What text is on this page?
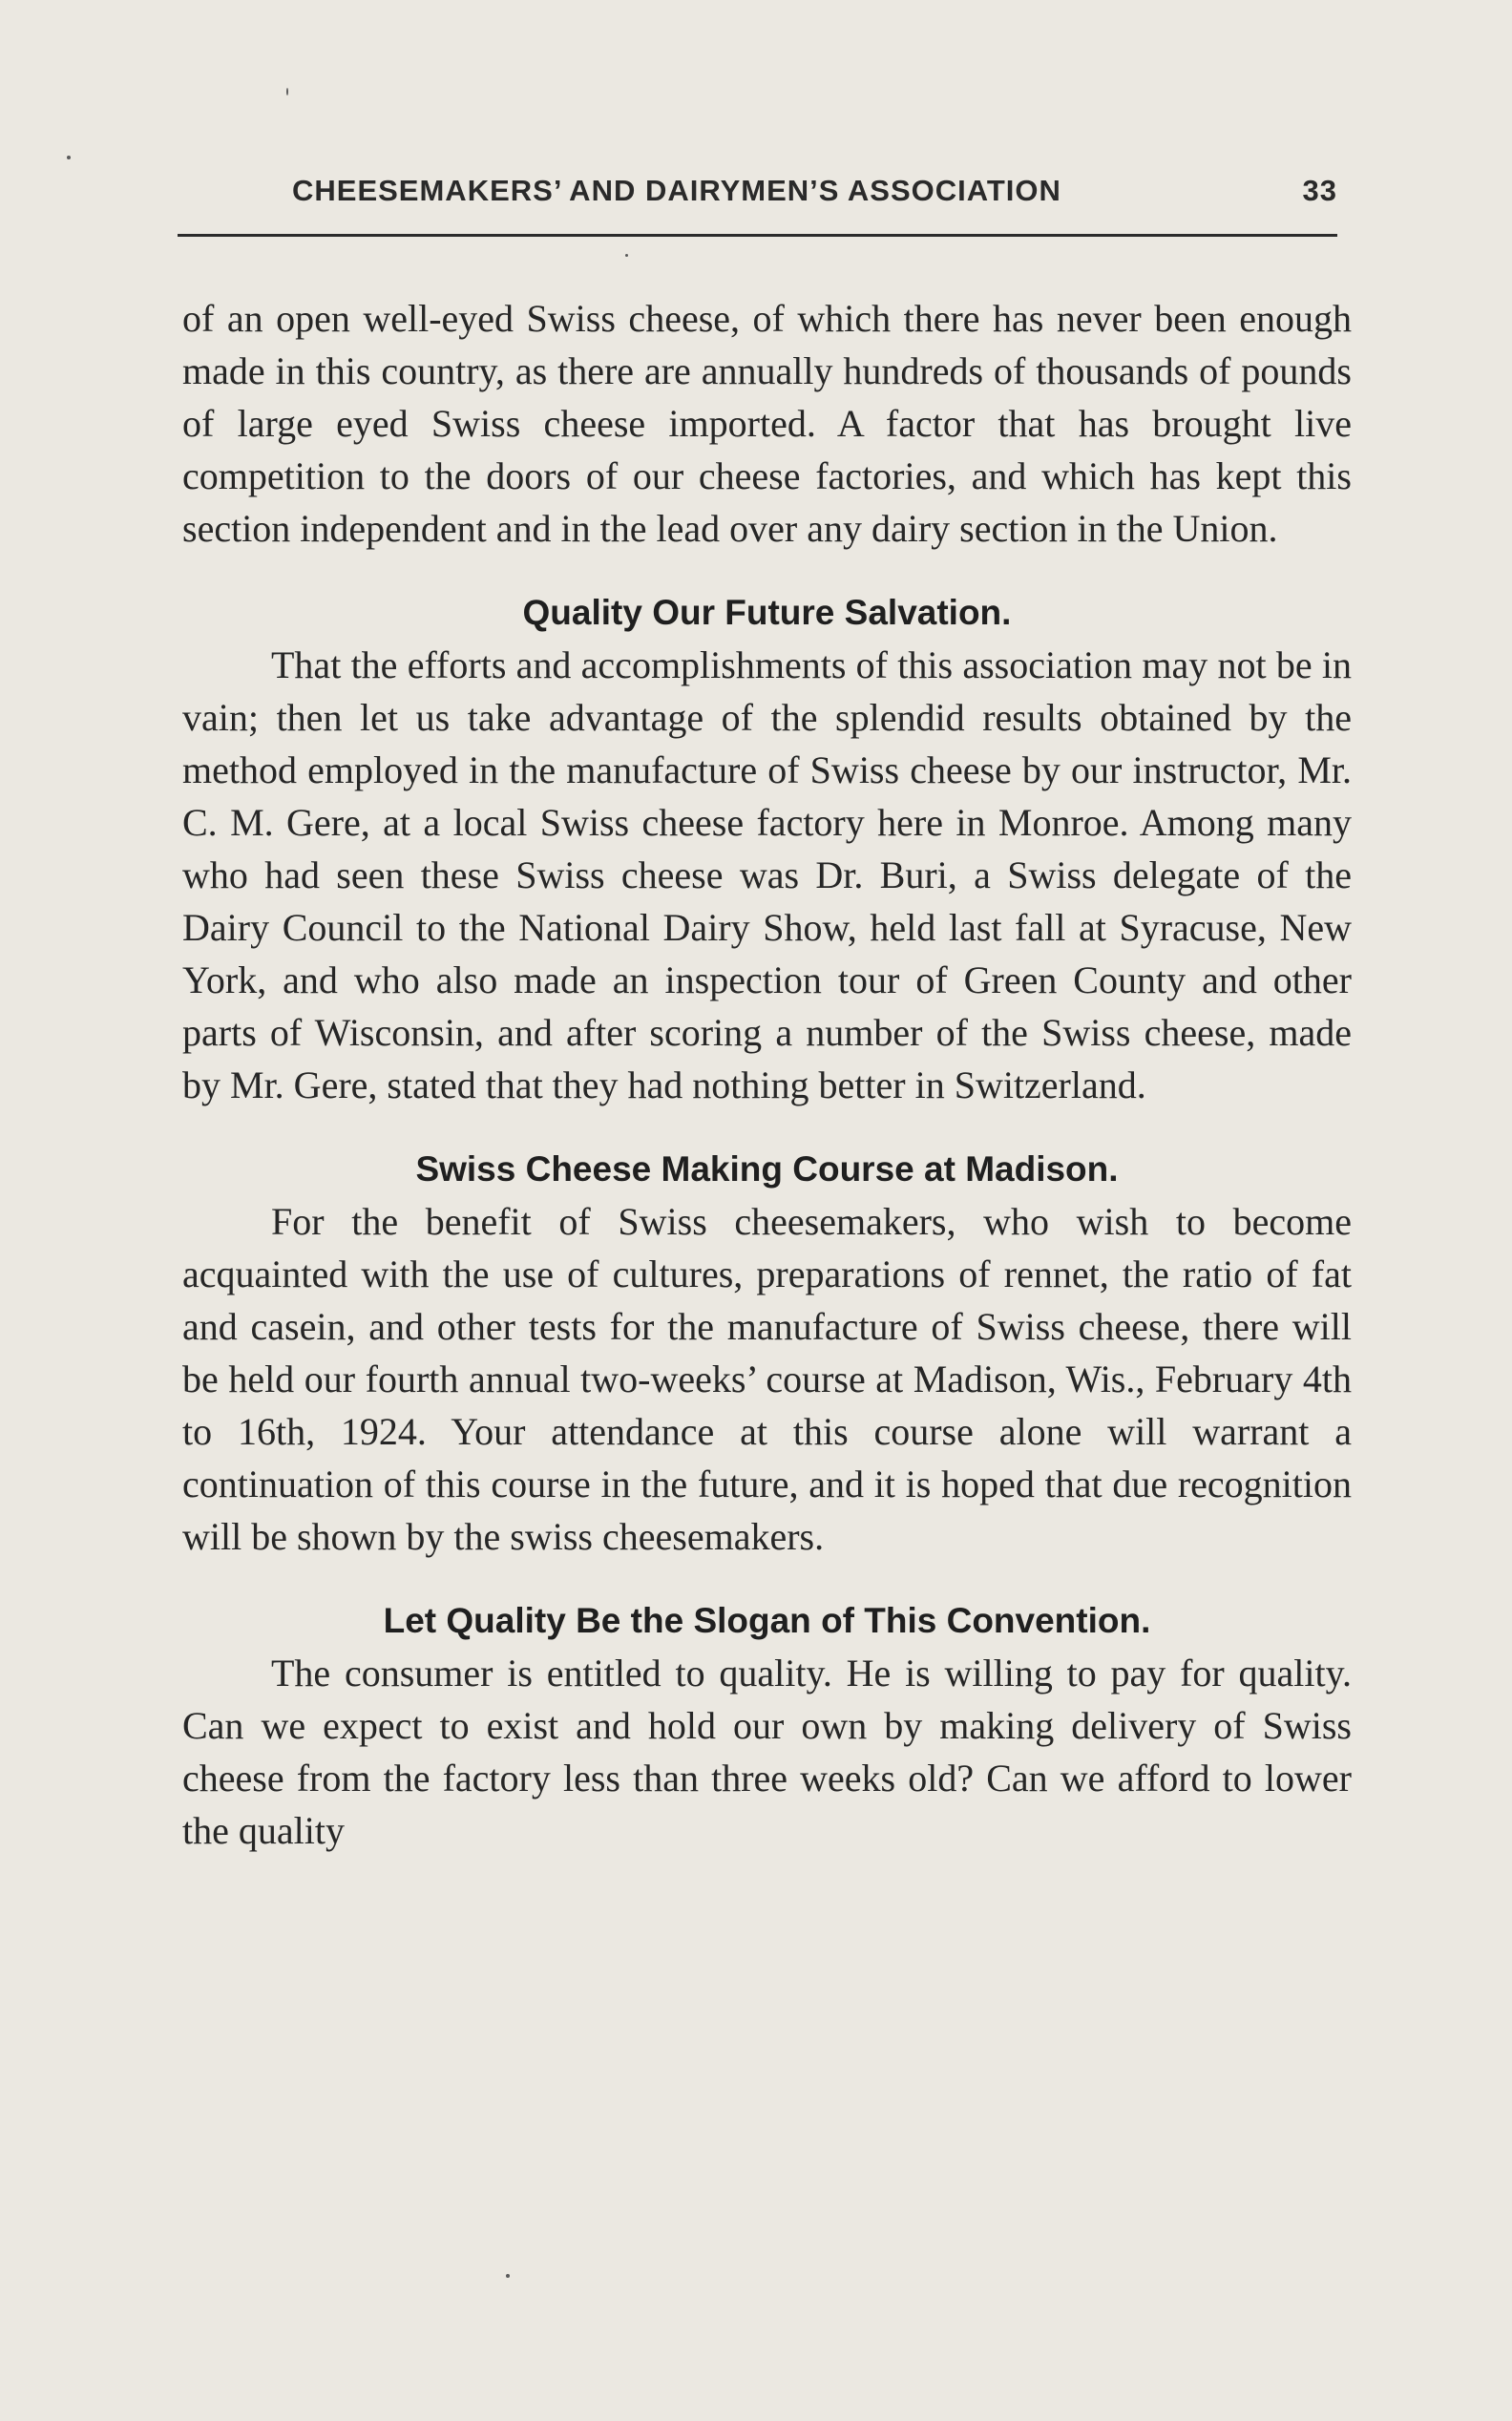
CHEESEMAKERS’ AND DAIRYMEN’S ASSOCIATION	33

of an open well-eyed Swiss cheese, of which there has never been enough made in this country, as there are annually hundreds of thousands of pounds of large eyed Swiss cheese imported. A factor that has brought live competition to the doors of our cheese factories, and which has kept this section independent and in the lead over any dairy section in the Union.

Quality Our Future Salvation.

That the efforts and accomplishments of this association may not be in vain; then let us take advantage of the splendid results obtained by the method employed in the manufacture of Swiss cheese by our instructor, Mr. C. M. Gere, at a local Swiss cheese factory here in Monroe. Among many who had seen these Swiss cheese was Dr. Buri, a Swiss delegate of the Dairy Council to the National Dairy Show, held last fall at Syracuse, New York, and who also made an inspection tour of Green County and other parts of Wisconsin, and after scoring a number of the Swiss cheese, made by Mr. Gere, stated that they had nothing better in Switzerland.

Swiss Cheese Making Course at Madison.

For the benefit of Swiss cheesemakers, who wish to become acquainted with the use of cultures, preparations of rennet, the ratio of fat and casein, and other tests for the manufacture of Swiss cheese, there will be held our fourth annual two-weeks’ course at Madison, Wis., February 4th to 16th, 1924. Your attendance at this course alone will warrant a continuation of this course in the future, and it is hoped that due recognition will be shown by the swiss cheesemakers.

Let Quality Be the Slogan of This Convention.

The consumer is entitled to quality. He is willing to pay for quality. Can we expect to exist and hold our own by making delivery of Swiss cheese from the factory less than three weeks old? Can we afford to lower the quality
